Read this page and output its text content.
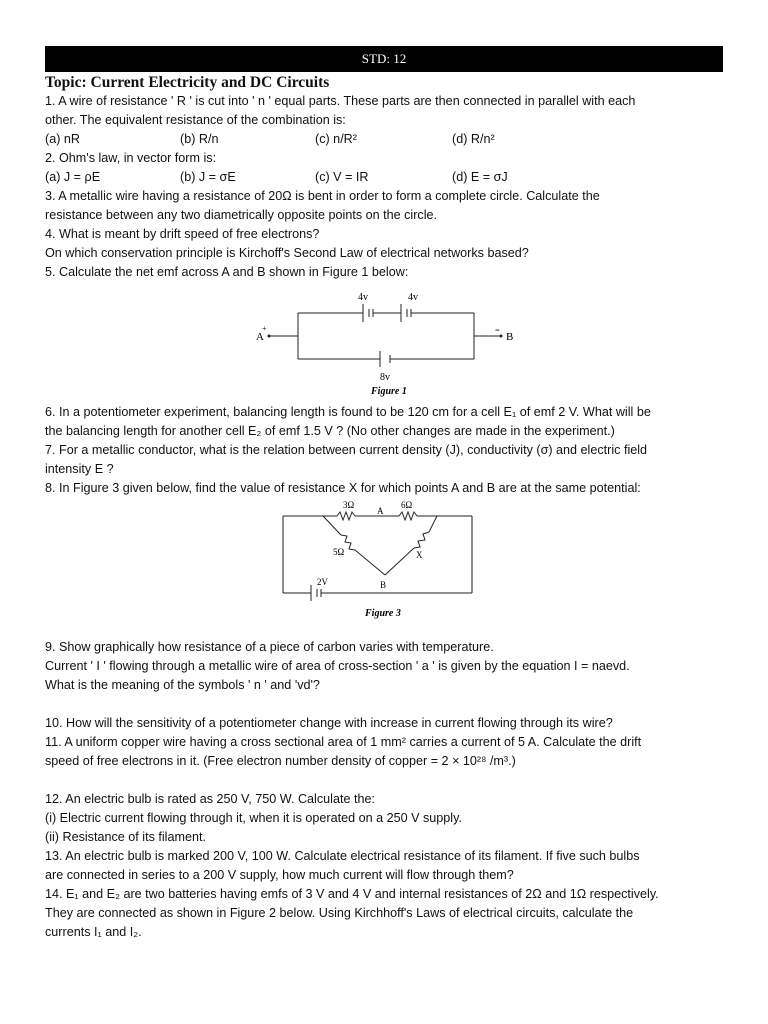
STD: 12
Topic: Current Electricity and DC Circuits
1. A wire of resistance ' R ' is cut into ' n ' equal parts. These parts are then connected in parallel with each
other. The equivalent resistance of the combination is:
(a) nR	(b) R/n	(c) n/R²	(d) R/n²
2. Ohm's law, in vector form is:
(a) J = ρE	(b) J = σE	(c) V = IR	(d) E = σJ
3. A metallic wire having a resistance of 20Ω is bent in order to form a complete circle. Calculate the
resistance between any two diametrically opposite points on the circle.
4. What is meant by drift speed of free electrons?
On which conservation principle is Kirchoff's Second Law of electrical networks based?
5. Calculate the net emf across A and B shown in Figure 1 below:
4v	4v
8v
A
+	=
B
Figure 1
6. In a potentiometer experiment, balancing length is found to be 120 cm for a cell E₁ of emf 2 V. What will be
the balancing length for another cell E₂ of emf 1.5 V ? (No other changes are made in the experiment.)
7. For a metallic conductor, what is the relation between current density (J), conductivity (σ) and electric field
intensity E ?
8. In Figure 3 given below, find the value of resistance X for which points A and B are at the same potential:
3Ω	6Ω
A
5Ω	X
B
2V
Figure 3
9. Show graphically how resistance of a piece of carbon varies with temperature.
Current ' I ' flowing through a metallic wire of area of cross-section ' a ' is given by the equation I = naevd.
What is the meaning of the symbols ' n ' and 'vd'?
10. How will the sensitivity of a potentiometer change with increase in current flowing through its wire?
11. A uniform copper wire having a cross sectional area of 1 mm² carries a current of 5 A. Calculate the drift
speed of free electrons in it. (Free electron number density of copper = 2 × 10²⁸ /m³.)
12. An electric bulb is rated as 250 V, 750 W. Calculate the:
(i) Electric current flowing through it, when it is operated on a 250 V supply.
(ii) Resistance of its filament.
13. An electric bulb is marked 200 V, 100 W. Calculate electrical resistance of its filament. If five such bulbs
are connected in series to a 200 V supply, how much current will flow through them?
14. E₁ and E₂ are two batteries having emfs of 3 V and 4 V and internal resistances of 2Ω and 1Ω respectively.
They are connected as shown in Figure 2 below. Using Kirchhoff's Laws of electrical circuits, calculate the
currents I₁ and I₂.
